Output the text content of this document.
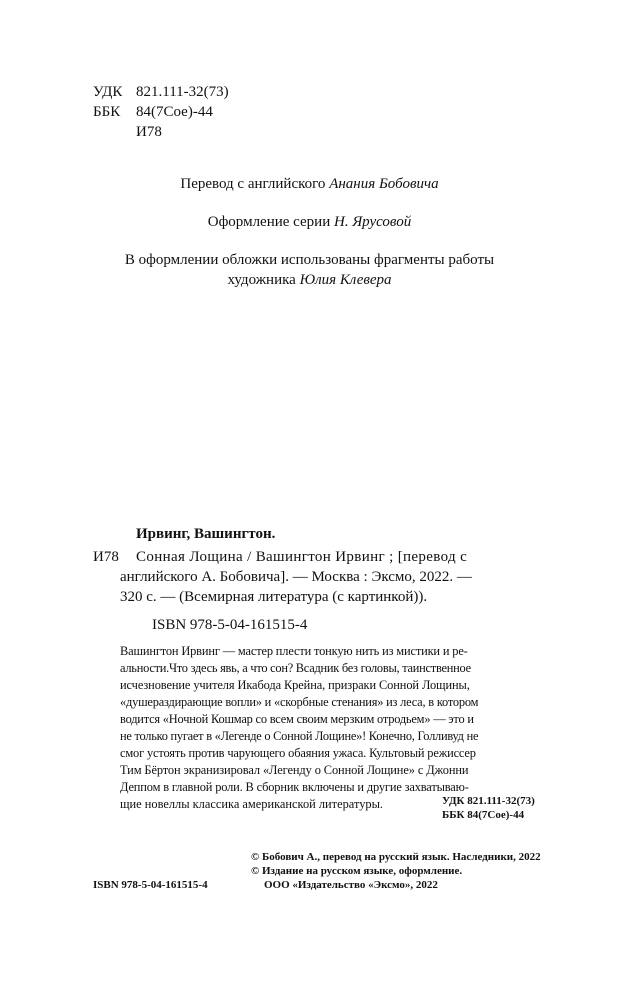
УДК 821.111-32(73)
ББК 84(7Сое)-44
И78
Перевод с английского Анания Бобовича
Оформление серии Н. Ярусовой
В оформлении обложки использованы фрагменты работы
художника Юлия Клевера
Ирвинг, Вашингтон.
И78 Сонная Лощина / Вашингтон Ирвинг ; [перевод с
английского А. Бобовича]. — Москва : Эксмо, 2022. —
320 с. — (Всемирная литература (с картинкой)).
ISBN 978-5-04-161515-4
Вашингтон Ирвинг — мастер плести тонкую нить из мистики и ре-
альности.Что здесь явь, а что сон? Всадник без головы, таинственное
исчезновение учителя Икабода Крейна, призраки Сонной Лощины,
«душераздирающие вопли» и «скорбные стенания» из леса, в котором
водится «Ночной Кошмар со всем своим мерзким отродьем» — это и
не только пугает в «Легенде о Сонной Лощине»! Конечно, Голливуд не
смог устоять против чарующего обаяния ужаса. Культовый режиссер
Тим Бёртон экранизировал «Легенду о Сонной Лощине» с Джонни
Деппом в главной роли. В сборник включены и другие захватываю-
щие новеллы классика американской литературы.	УДК 821.111-32(73)
ББК 84(7Сое)-44
© Бобович А., перевод на русский язык. Наследники, 2022
© Издание на русском языке, оформление.
ISBN 978-5-04-161515-4	ООО «Издательство «Эксмо», 2022
